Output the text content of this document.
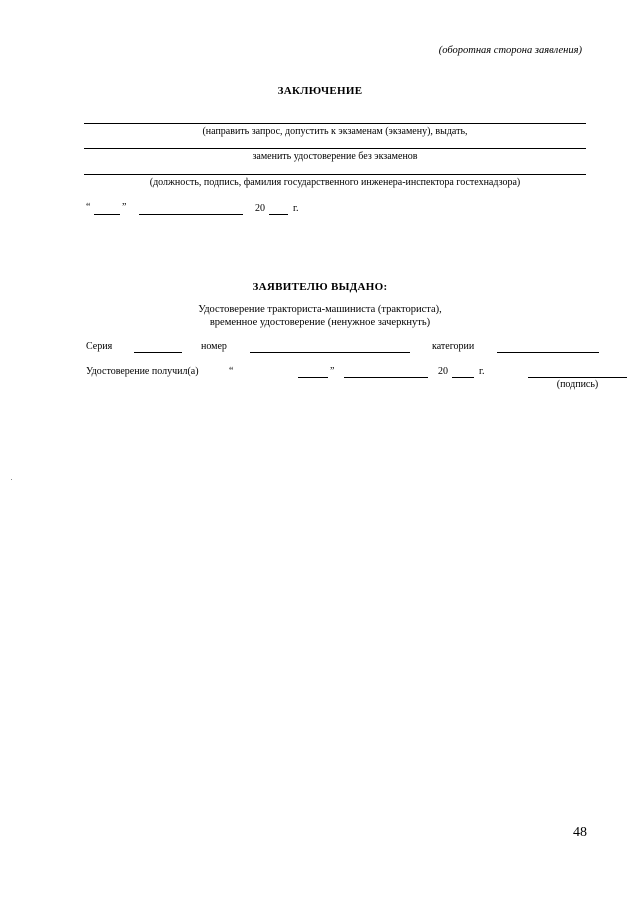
(оборотная сторона заявления)
ЗАКЛЮЧЕНИЕ
(направить запрос, допустить к экзаменам (экзамену), выдать,
заменить удостоверение без экзаменов
(должность, подпись, фамилия государственного инженера-инспектора гостехнадзора)
“	”	20	г.
ЗАЯВИТЕЛЮ ВЫДАНО:
Удостоверение тракториста-машиниста (тракториста),
временное удостоверение (ненужное зачеркнуть)
Серия	номер	категории
Удостоверение получил(а)	“	”	20	г.
(подпись)
48
